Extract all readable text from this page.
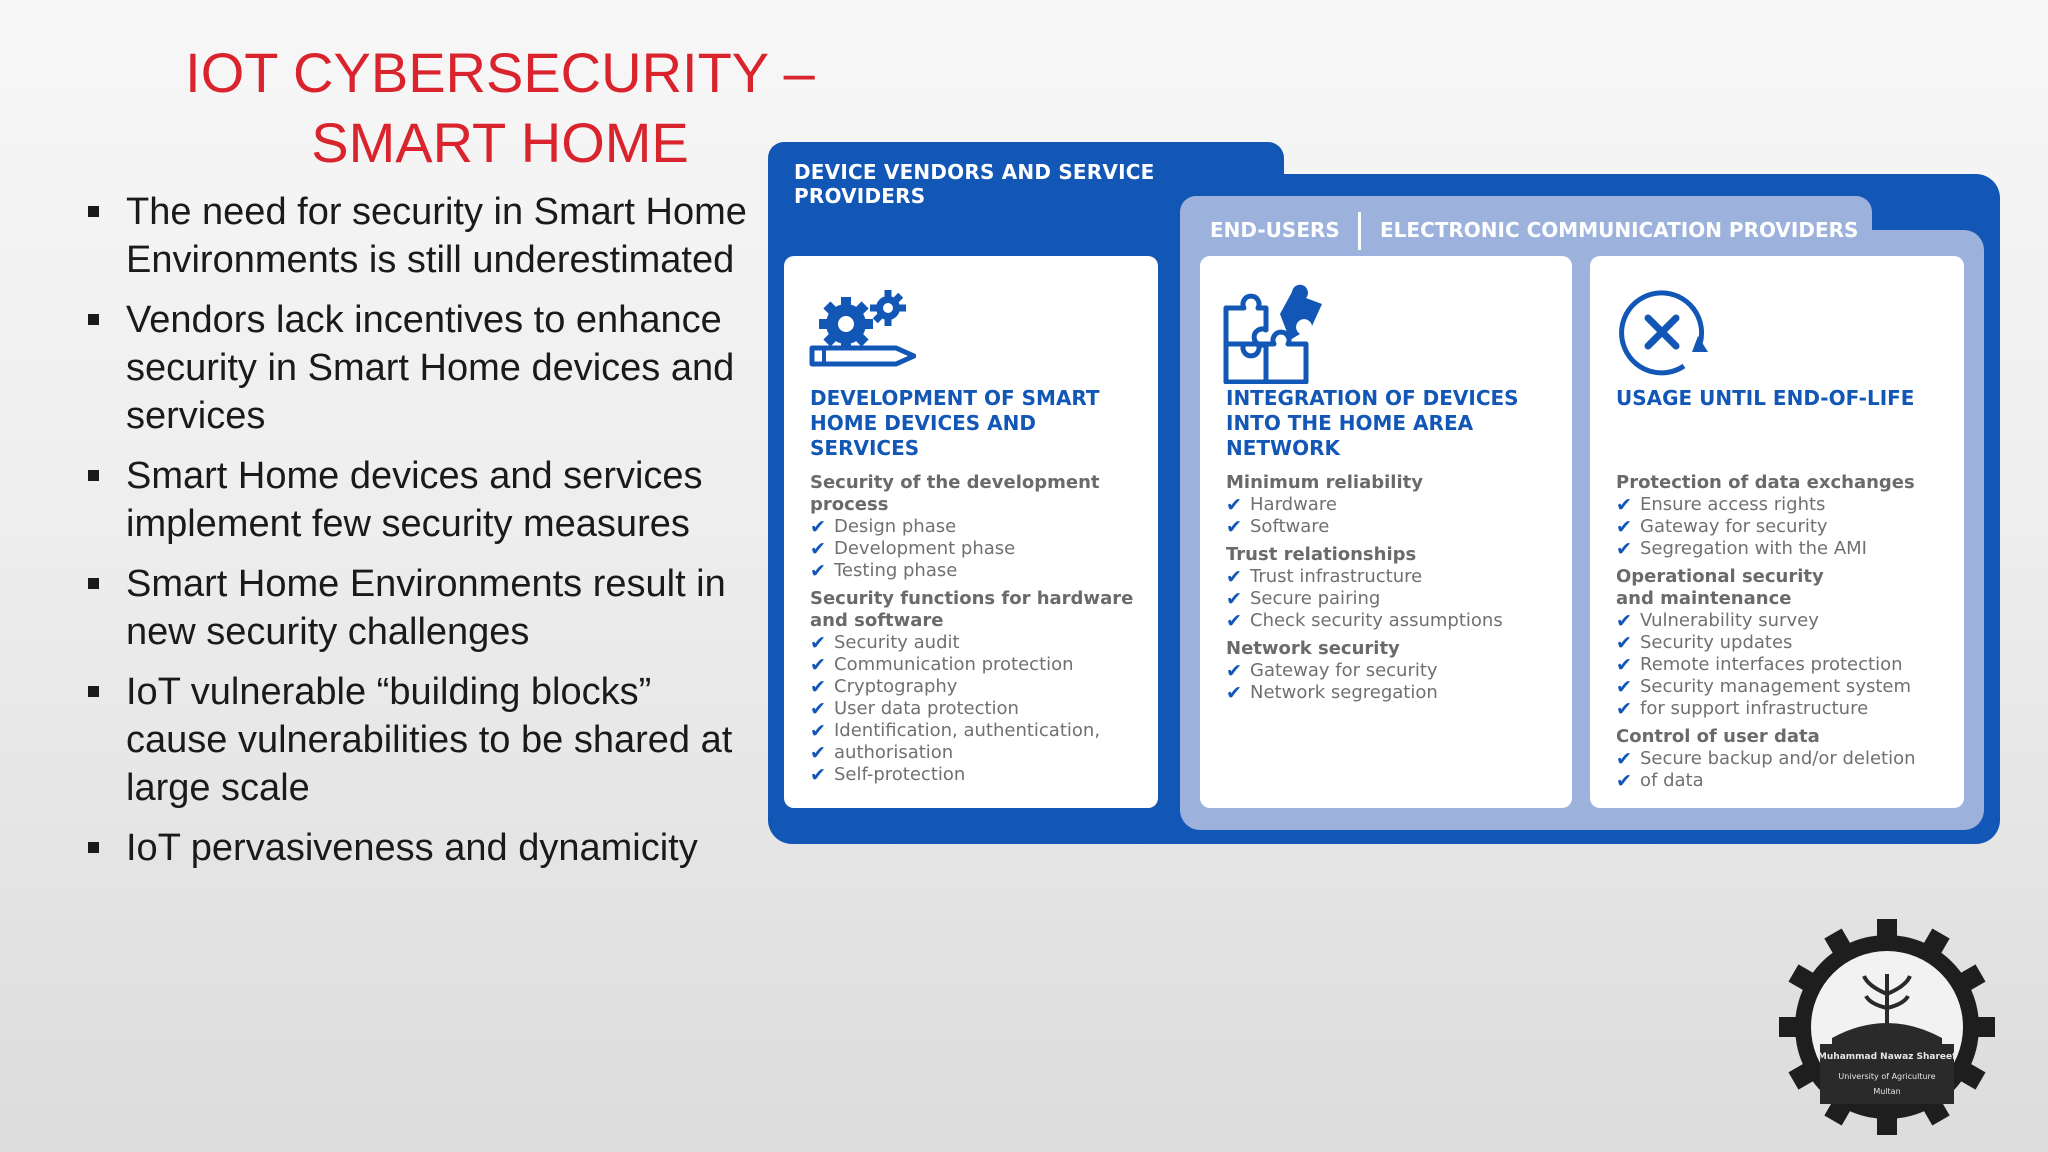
IOT CYBERSECURITY –
SMART HOME
The need for security in Smart Home Environments is still underestimated
Vendors lack incentives to enhance security in Smart Home devices and services
Smart Home devices and services implement few security measures
Smart Home Environments result in new security challenges
IoT vulnerable “building blocks” cause vulnerabilities to be shared at large scale
IoT pervasiveness and dynamicity
DEVICE VENDORS AND SERVICE PROVIDERS
END-USERS ELECTRONIC COMMUNICATION PROVIDERS
DEVELOPMENT OF SMART
HOME DEVICES AND SERVICES
Security of the development
process
✔ Design phase
✔ Development phase
✔ Testing phase
Security functions for hardware
and software
✔ Security audit
✔ Communication protection
✔ Cryptography
✔ User data protection
✔ Identification, authentication,
✔ authorisation
✔ Self-protection
INTEGRATION OF DEVICES
INTO THE HOME AREA NETWORK
Minimum reliability
✔ Hardware
✔ Software
Trust relationships
✔ Trust infrastructure
✔ Secure pairing
✔ Check security assumptions
Network security
✔ Gateway for security
✔ Network segregation
USAGE UNTIL END-OF-LIFE
Protection of data exchanges
✔ Ensure access rights
✔ Gateway for security
✔ Segregation with the AMI
Operational security
and maintenance
✔ Vulnerability survey
✔ Security updates
✔ Remote interfaces protection
✔ Security management system
✔ for support infrastructure
Control of user data
✔ Secure backup and/or deletion
✔ of data
Muhammad Nawaz Shareef
University of Agriculture
Multan
